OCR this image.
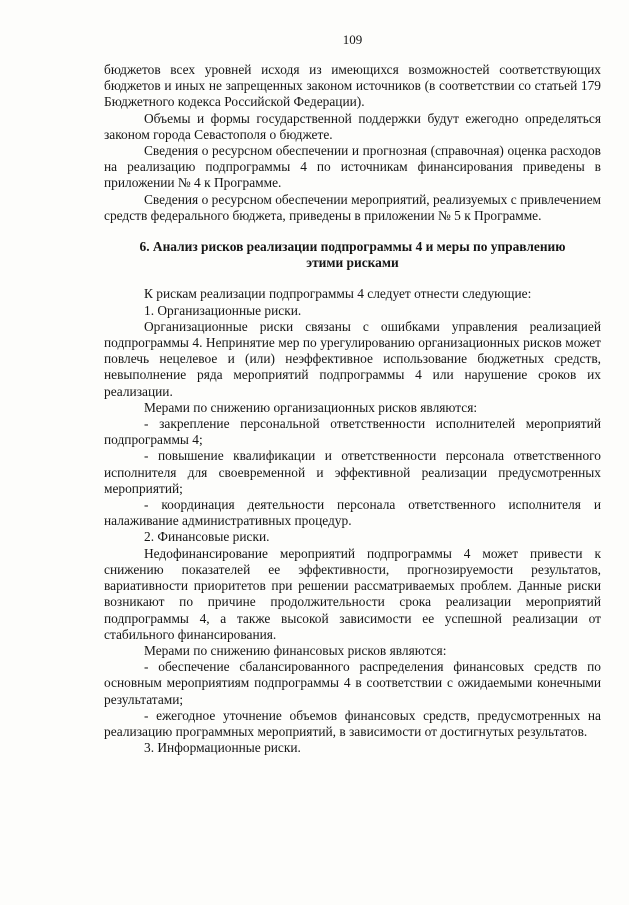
109

бюджетов всех уровней исходя из имеющихся возможностей соответствующих бюджетов и иных не запрещенных законом источников (в соответствии со статьей 179 Бюджетного кодекса Российской Федерации).

Объемы и формы государственной поддержки будут ежегодно определяться законом города Севастополя о бюджете.

Сведения о ресурсном обеспечении и прогнозная (справочная) оценка расходов на реализацию подпрограммы 4 по источникам финансирования приведены в приложении № 4 к Программе.

Сведения о ресурсном обеспечении мероприятий, реализуемых с привлечением средств федерального бюджета, приведены в приложении № 5 к Программе.

6. Анализ рисков реализации подпрограммы 4 и меры по управлению
этими рисками

К рискам реализации подпрограммы 4 следует отнести следующие:

1. Организационные риски.

Организационные риски связаны с ошибками управления реализацией подпрограммы 4. Непринятие мер по урегулированию организационных рисков может повлечь нецелевое и (или) неэффективное использование бюджетных средств, невыполнение ряда мероприятий подпрограммы 4 или нарушение сроков их реализации.

Мерами по снижению организационных рисков являются:

- закрепление персональной ответственности исполнителей мероприятий подпрограммы 4;

- повышение квалификации и ответственности персонала ответственного исполнителя для своевременной и эффективной реализации предусмотренных мероприятий;

- координация деятельности персонала ответственного исполнителя и налаживание административных процедур.

2. Финансовые риски.

Недофинансирование мероприятий подпрограммы 4 может привести к снижению показателей ее эффективности, прогнозируемости результатов, вариативности приоритетов при решении рассматриваемых проблем. Данные риски возникают по причине продолжительности срока реализации мероприятий подпрограммы 4, а также высокой зависимости ее успешной реализации от стабильного финансирования.

Мерами по снижению финансовых рисков являются:

- обеспечение сбалансированного распределения финансовых средств по основным мероприятиям подпрограммы 4 в соответствии с ожидаемыми конечными результатами;

- ежегодное уточнение объемов финансовых средств, предусмотренных на реализацию программных мероприятий, в зависимости от достигнутых результатов.

3. Информационные риски.
